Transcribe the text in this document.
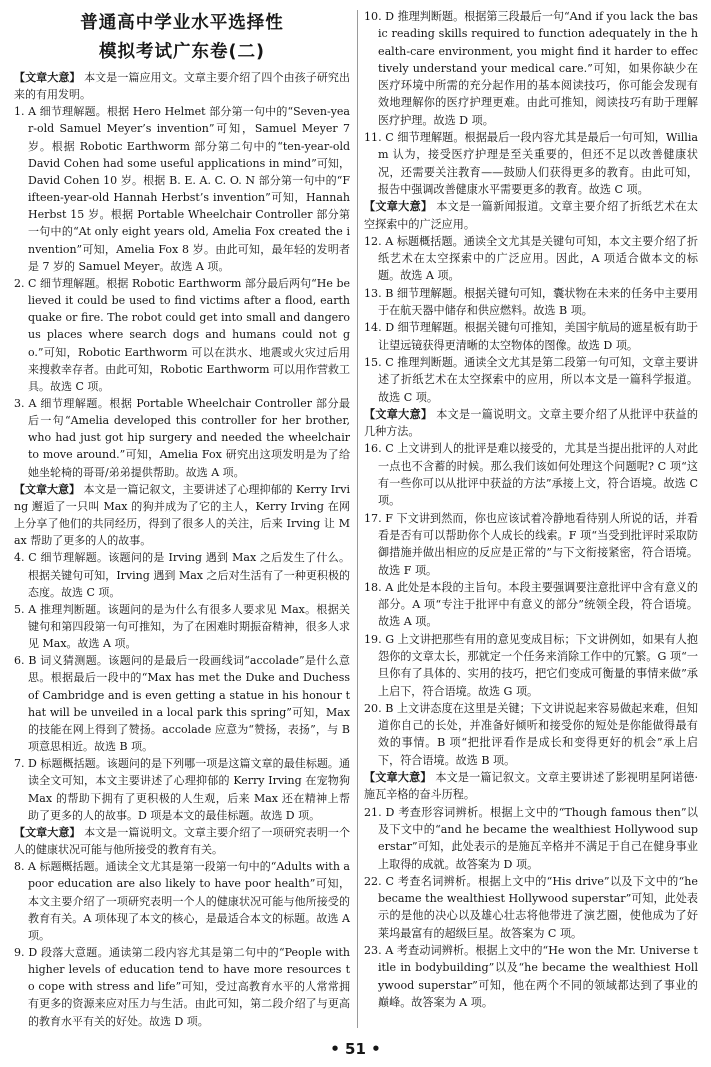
普通高中学业水平选择性
模拟考试广东卷(二)

【文章大意】 本文是一篇应用文。文章主要介绍了四个由孩子研究出来的有用发明。

1. A 细节理解题。根据 Hero Helmet 部分第一句中的“Seven-year-old Samuel Meyer’s invention”可知，Samuel Meyer 7 岁。根据 Robotic Earthworm 部分第二句中的“ten-year-old David Cohen had some useful applications in mind”可知，David Cohen 10 岁。根据 B. E. A. C. O. N 部分第一句中的“Fifteen-year-old Hannah Herbst’s invention”可知，Hannah Herbst 15 岁。根据 Portable Wheelchair Controller 部分第一句中的“At only eight years old, Amelia Fox created the invention”可知，Amelia Fox 8 岁。由此可知，最年轻的发明者是 7 岁的 Samuel Meyer。故选 A 项。

2. C 细节理解题。根据 Robotic Earthworm 部分最后两句“He believed it could be used to find victims after a flood, earthquake or fire. The robot could get into small and dangerous places where search dogs and humans could not go.”可知，Robotic Earthworm 可以在洪水、地震或火灾过后用来搜救幸存者。由此可知，Robotic Earthworm 可以用作营救工具。故选 C 项。

3. A 细节理解题。根据 Portable Wheelchair Controller 部分最后一句“Amelia developed this controller for her brother, who had just got hip surgery and needed the wheelchair to move around.”可知，Amelia Fox 研究出这项发明是为了给她坐轮椅的哥哥/弟弟提供帮助。故选 A 项。

【文章大意】 本文是一篇记叙文，主要讲述了心理抑郁的 Kerry Irving 邂逅了一只叫 Max 的狗并成为了它的主人，Kerry Irving 在网上分享了他们的共同经历，得到了很多人的关注，后来 Irving 让 Max 帮助了更多的人的故事。

4. C 细节理解题。该题问的是 Irving 遇到 Max 之后发生了什么。根据关键句可知，Irving 遇到 Max 之后对生活有了一种更积极的态度。故选 C 项。

5. A 推理判断题。该题问的是为什么有很多人要求见 Max。根据关键句和第四段第一句可推知，为了在困难时期振奋精神，很多人求见 Max。故选 A 项。

6. B 词义猜测题。该题问的是最后一段画线词“accolade”是什么意思。根据最后一段中的“Max has met the Duke and Duchess of Cambridge and is even getting a statue in his honour that will be unveiled in a local park this spring”可知，Max 的技能在网上得到了赞扬。accolade 应意为“赞扬，表扬”，与 B 项意思相近。故选 B 项。

7. D 标题概括题。该题问的是下列哪一项是这篇文章的最佳标题。通读全文可知，本文主要讲述了心理抑郁的 Kerry Irving 在宠物狗 Max 的帮助下拥有了更积极的人生观，后来 Max 还在精神上帮助了更多的人的故事。D 项是本文的最佳标题。故选 D 项。

【文章大意】 本文是一篇说明文。文章主要介绍了一项研究表明一个人的健康状况可能与他所接受的教育有关。

8. A 标题概括题。通读全文尤其是第一段第一句中的“Adults with a poor education are also likely to have poor health”可知，本文主要介绍了一项研究表明一个人的健康状况可能与他所接受的教育有关。A 项体现了本文的核心，是最适合本文的标题。故选 A 项。

9. D 段落大意题。通读第二段内容尤其是第二句中的“People with higher levels of education tend to have more resources to cope with stress and life”可知，受过高教育水平的人常常拥有更多的资源来应对压力与生活。由此可知，第二段介绍了与更高的教育水平有关的好处。故选 D 项。

10. D 推理判断题。根据第三段最后一句“And if you lack the basic reading skills required to function adequately in the health-care environment, you might find it harder to effectively understand your medical care.”可知，如果你缺少在医疗环境中所需的充分起作用的基本阅读技巧，你可能会发现有效地理解你的医疗护理更难。由此可推知，阅读技巧有助于理解医疗护理。故选 D 项。

11. C 细节理解题。根据最后一段内容尤其是最后一句可知，William 认为，接受医疗护理是至关重要的，但还不足以改善健康状况，还需要关注教育——鼓励人们获得更多的教育。由此可知，报告中强调改善健康水平需要更多的教育。故选 C 项。

【文章大意】 本文是一篇新闻报道。文章主要介绍了折纸艺术在太空探索中的广泛应用。

12. A 标题概括题。通读全文尤其是关键句可知，本文主要介绍了折纸艺术在太空探索中的广泛应用。因此，A 项适合做本文的标题。故选 A 项。

13. B 细节理解题。根据关键句可知，囊状物在未来的任务中主要用于在航天器中储存和供应燃料。故选 B 项。

14. D 细节理解题。根据关键句可推知，美国宇航局的遮星板有助于让望远镜获得更清晰的太空物体的图像。故选 D 项。

15. C 推理判断题。通读全文尤其是第二段第一句可知，文章主要讲述了折纸艺术在太空探索中的应用，所以本文是一篇科学报道。故选 C 项。

【文章大意】 本文是一篇说明文。文章主要介绍了从批评中获益的几种方法。

16. C 上文讲到人的批评是难以接受的，尤其是当提出批评的人对此一点也不含蓄的时候。那么我们该如何处理这个问题呢? C 项“这有一些你可以从批评中获益的方法”承接上文，符合语境。故选 C 项。

17. F 下文讲到然而，你也应该试着冷静地看待别人所说的话，并看看是否有可以帮助你个人成长的线索。F 项“当受到批评时采取防御措施并做出相应的反应是正常的”与下文衔接紧密，符合语境。故选 F 项。

18. A 此处是本段的主旨句。本段主要强调要注意批评中含有意义的部分。A 项“专注于批评中有意义的部分”统领全段，符合语境。故选 A 项。

19. G 上文讲把那些有用的意见变成目标；下文讲例如，如果有人抱怨你的文章太长，那就定一个任务来消除工作中的冗繁。G 项“一旦你有了具体的、实用的技巧，把它们变成可衡量的事情来做”承上启下，符合语境。故选 G 项。

20. B 上文讲态度在这里是关键；下文讲说起来容易做起来难，但知道你自己的长处，并准备好倾听和接受你的短处是你能做得最有效的事情。B 项“把批评看作是成长和变得更好的机会”承上启下，符合语境。故选 B 项。

【文章大意】 本文是一篇记叙文。文章主要讲述了影视明星阿诺德·施瓦辛格的奋斗历程。

21. D 考查形容词辨析。根据上文中的“Though famous then”以及下文中的“and he became the wealthiest Hollywood superstar”可知，此处表示的是施瓦辛格并不满足于自己在健身事业上取得的成就。故答案为 D 项。

22. C 考查名词辨析。根据上文中的“His drive”以及下文中的“he became the wealthiest Hollywood superstar”可知，此处表示的是他的决心以及雄心壮志将他带进了演艺圈，使他成为了好莱坞最富有的超级巨星。故答案为 C 项。

23. A 考查动词辨析。根据上文中的“He won the Mr. Universe title in bodybuilding”以及“he became the wealthiest Hollywood superstar”可知，他在两个不同的领域都达到了事业的巅峰。故答案为 A 项。

• 51 •
